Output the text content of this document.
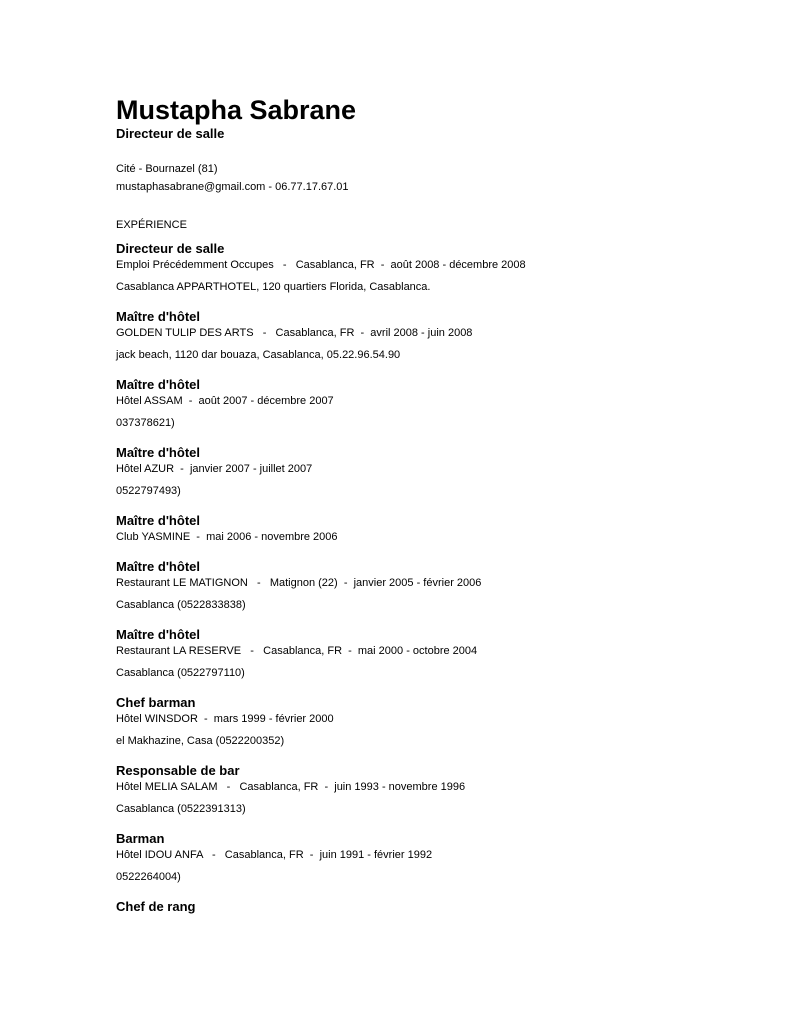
Mustapha Sabrane
Directeur de salle
Cité - Bournazel (81)
mustaphasabrane@gmail.com - 06.77.17.67.01
EXPÉRIENCE
Directeur de salle
Emploi Précédemment Occupes   -   Casablanca, FR  -  août 2008 - décembre 2008
Casablanca APPARTHOTEL, 120 quartiers Florida, Casablanca.
Maître d'hôtel
GOLDEN TULIP DES ARTS   -   Casablanca, FR  -  avril 2008 - juin 2008
jack beach, 1120 dar bouaza, Casablanca, 05.22.96.54.90
Maître d'hôtel
Hôtel ASSAM  -  août 2007 - décembre 2007
037378621)
Maître d'hôtel
Hôtel AZUR  -  janvier 2007 - juillet 2007
0522797493)
Maître d'hôtel
Club YASMINE  -  mai 2006 - novembre 2006
Maître d'hôtel
Restaurant LE MATIGNON   -   Matignon (22)  -  janvier 2005 - février 2006
Casablanca (0522833838)
Maître d'hôtel
Restaurant LA RESERVE   -   Casablanca, FR  -  mai 2000 - octobre 2004
Casablanca (0522797110)
Chef barman
Hôtel WINSDOR  -  mars 1999 - février 2000
el Makhazine, Casa (0522200352)
Responsable de bar
Hôtel MELIA SALAM   -   Casablanca, FR  -  juin 1993 - novembre 1996
Casablanca (0522391313)
Barman
Hôtel IDOU ANFA   -   Casablanca, FR  -  juin 1991 - février 1992
0522264004)
Chef de rang
